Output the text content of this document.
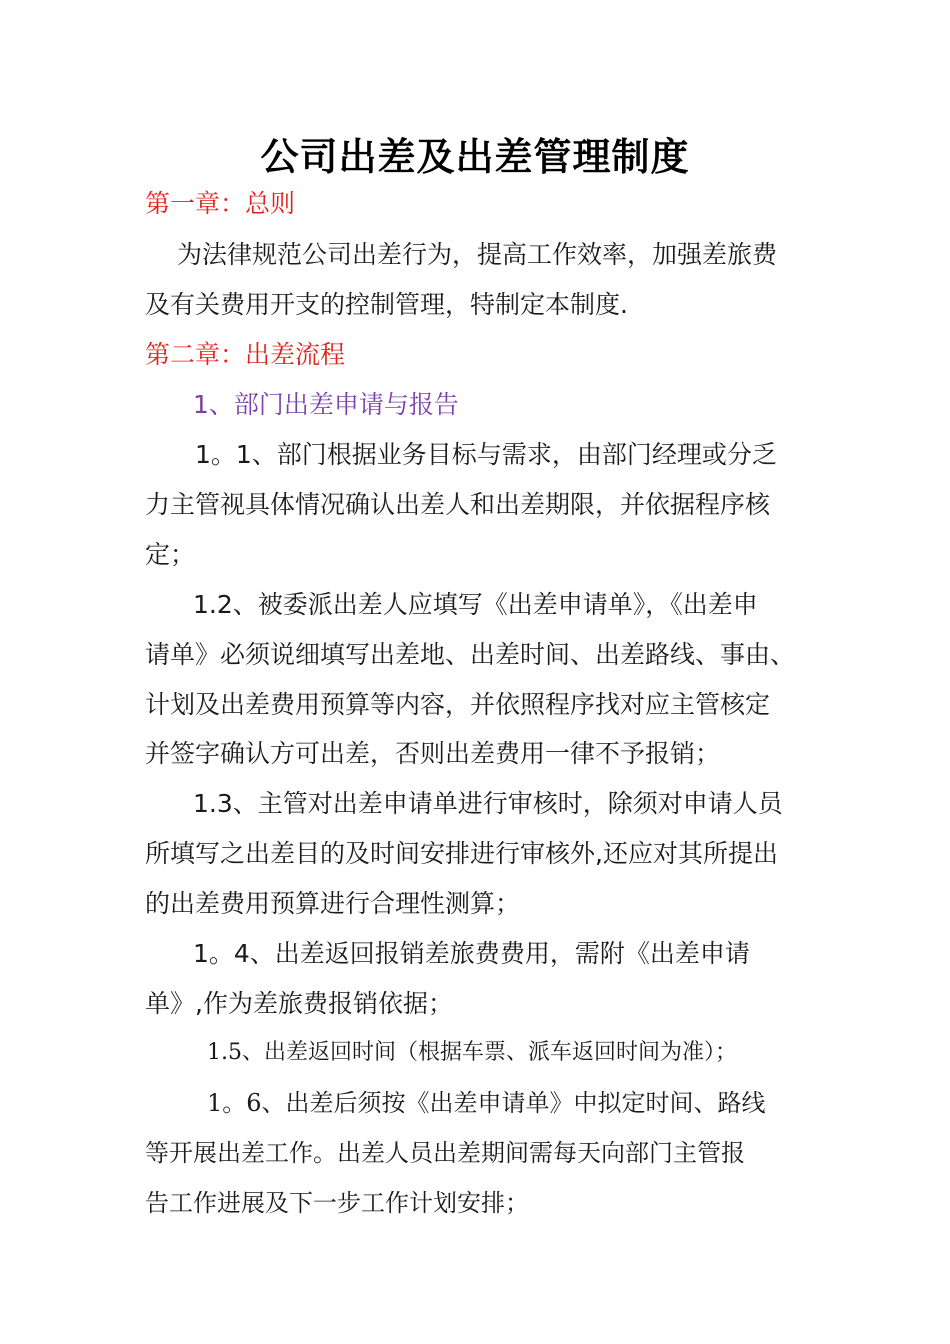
公司出差及出差管理制度
第一章：总则
为法律规范公司出差行为，提高工作效率，加强差旅费
及有关费用开支的控制管理，特制定本制度.
第二章：出差流程
1、部门出差申请与报告
1。1、部门根据业务目标与需求，由部门经理或分乏
力主管视具体情况确认出差人和出差期限，并依据程序核
定；
1.2、被委派出差人应填写《出差申请单》，《出差申
请单》必须说细填写出差地、出差时间、出差路线、事由、
计划及出差费用预算等内容，并依照程序找对应主管核定
并签字确认方可出差，否则出差费用一律不予报销；
1.3、主管对出差申请单进行审核时，除须对申请人员
所填写之出差目的及时间安排进行审核外,还应对其所提出
的出差费用预算进行合理性测算；
1。4、出差返回报销差旅费费用，需附《出差申请
单》,作为差旅费报销依据；
1.5、出差返回时间（根据车票、派车返回时间为准）；
1。6、出差后须按《出差申请单》中拟定时间、路线
等开展出差工作。出差人员出差期间需每天向部门主管报
告工作进展及下一步工作计划安排；
